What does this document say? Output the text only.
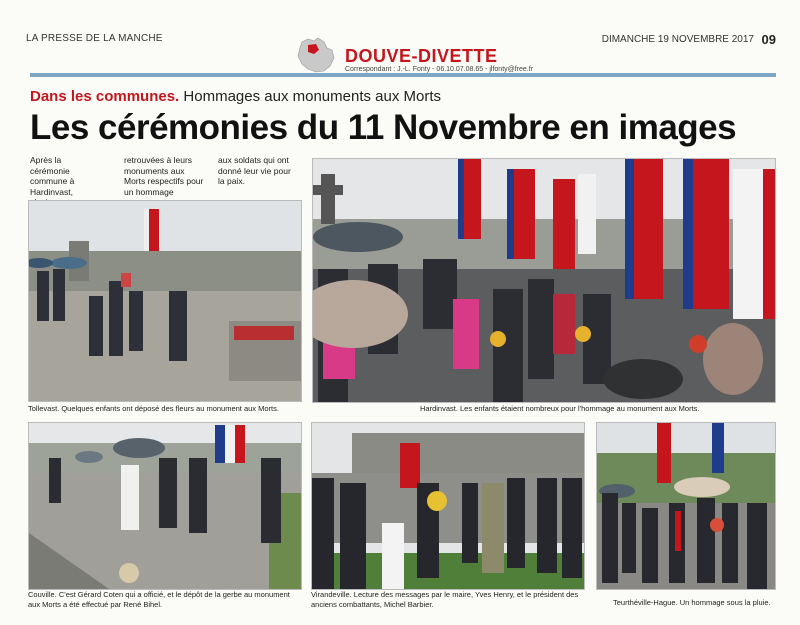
LA PRESSE DE LA MANCHE	DIMANCHE 19 NOVEMBRE 2017 09
DOUVE-DIVETTE
Correspondant : J.-L. Fonty - 06.10.07.08.65 - jlfonty@free.fr
Dans les communes. Hommages aux monuments aux Morts
Les cérémonies du 11 Novembre en images
Après la cérémonie commune à Hardinvast,
retrouvées à leurs monuments aux Morts respectifs pour un hommage
aux soldats qui ont donné leur vie pour la paix.
Tollevast. Quelques enfants ont déposé des fleurs au monument aux Morts.	Hardinvast. Les enfants étaient nombreux pour l'hommage au monument aux Morts.
Couville. C'est Gérard Coten qui a officié, et le dépôt de la gerbe au monument aux Morts a été effectué par René Bihel.
Virandeville. Lecture des messages par le maire, Yves Henry, et le président des anciens combattants, Michel Barbier.	Teurthéville-Hague. Un hommage sous la pluie.
